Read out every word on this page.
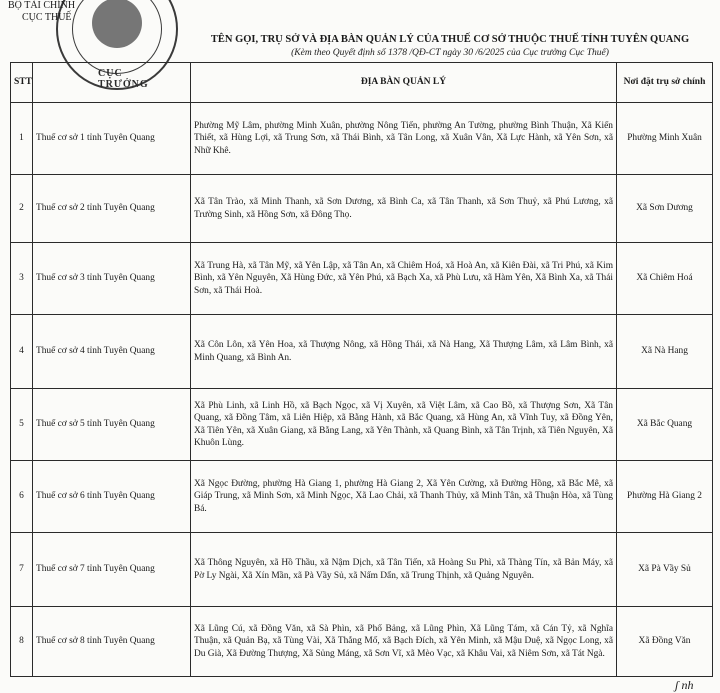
CỤC TRƯỞNG
BỘ TÀI CHÍNH
CỤC THUẾ
TÊN GỌI, TRỤ SỞ VÀ ĐỊA BÀN QUẢN LÝ CỦA THUẾ CƠ SỞ THUỘC THUẾ TỈNH TUYÊN QUANG
(Kèm theo Quyết định số 1378 /QĐ-CT ngày 30 /6/2025 của Cục trưởng Cục Thuế)
STT		ĐỊA BÀN QUẢN LÝ	Nơi đặt trụ sở chính
1	Thuế cơ sở 1 tỉnh Tuyên Quang	Phường Mỹ Lâm, phường Minh Xuân, phường Nông Tiến, phường An Tường, phường Bình Thuận, Xã Kiến Thiết, xã Hùng Lợi, xã Trung Sơn, xã Thái Bình, xã Tân Long, xã Xuân Vân, Xã Lực Hành, xã Yên Sơn, xã Nhữ Khê.	Phường Minh Xuân
2	Thuế cơ sở 2 tỉnh Tuyên Quang	Xã Tân Trào, xã Minh Thanh, xã Sơn Dương, xã Bình Ca, xã Tân Thanh, xã Sơn Thuỷ, xã Phú Lương, xã Trường Sinh, xã Hồng Sơn, xã Đông Thọ.	Xã Sơn Dương
3	Thuế cơ sở 3 tỉnh Tuyên Quang	Xã Trung Hà, xã Tân Mỹ, xã Yên Lập, xã Tân An, xã Chiêm Hoá, xã Hoà An, xã Kiên Đài, xã Tri Phú, xã Kim Bình, xã Yên Nguyên, Xã Hùng Đức, xã Yên Phú, xã Bạch Xa, xã Phù Lưu, xã Hàm Yên, Xã Bình Xa, xã Thái Sơn, xã Thái Hoà.	Xã Chiêm Hoá
4	Thuế cơ sở 4 tỉnh Tuyên Quang	Xã Côn Lôn, xã Yên Hoa, xã Thượng Nông, xã Hồng Thái, xã Nà Hang, Xã Thượng Lâm, xã Lâm Bình, xã Minh Quang, xã Bình An.	Xã Nà Hang
5	Thuế cơ sở 5 tỉnh Tuyên Quang	Xã Phù Linh, xã Linh Hồ, xã Bạch Ngọc, xã Vị Xuyên, xã Việt Lâm, xã Cao Bồ, xã Thượng Sơn, Xã Tân Quang, xã Đồng Tâm, xã Liên Hiệp, xã Bằng Hành, xã Bắc Quang, xã Hùng An, xã Vĩnh Tuy, xã Đồng Yên, Xã Tiên Yên, xã Xuân Giang, xã Bằng Lang, xã Yên Thành, xã Quang Bình, xã Tân Trịnh, xã Tiên Nguyên, Xã Khuôn Lùng.	Xã Bắc Quang
6	Thuế cơ sở 6 tỉnh Tuyên Quang	Xã Ngọc Đường, phường Hà Giang 1, phường Hà Giang 2, Xã Yên Cường, xã Đường Hồng, xã Bắc Mê, xã Giáp Trung, xã Minh Sơn, xã Minh Ngọc, Xã Lao Chải, xã Thanh Thủy, xã Minh Tân, xã Thuận Hòa, xã Tùng Bá.	Phường Hà Giang 2
7	Thuế cơ sở 7 tỉnh Tuyên Quang	Xã Thông Nguyên, xã Hồ Thầu, xã Nậm Dịch, xã Tân Tiến, xã Hoàng Su Phì, xã Thàng Tín, xã Bản Máy, xã Pờ Ly Ngài, Xã Xín Mần, xã Pà Vầy Sủ, xã Nấm Dẩn, xã Trung Thịnh, xã Quảng Nguyên.	Xã Pà Vầy Sủ
8	Thuế cơ sở 8 tỉnh Tuyên Quang	Xã Lũng Cú, xã Đồng Văn, xã Sà Phìn, xã Phố Bảng, xã Lũng Phìn, Xã Lũng Tám, xã Cán Tỷ, xã Nghĩa Thuận, xã Quản Bạ, xã Tùng Vài, Xã Thắng Mố, xã Bạch Đích, xã Yên Minh, xã Mậu Duệ, xã Ngọc Long, xã Du Già, Xã Đường Thượng, Xã Sủng Máng, xã Sơn Vĩ, xã Mèo Vạc, xã Khâu Vai, xã Niêm Sơn, xã Tát Ngà.	Xã Đồng Văn
ʃ nh
